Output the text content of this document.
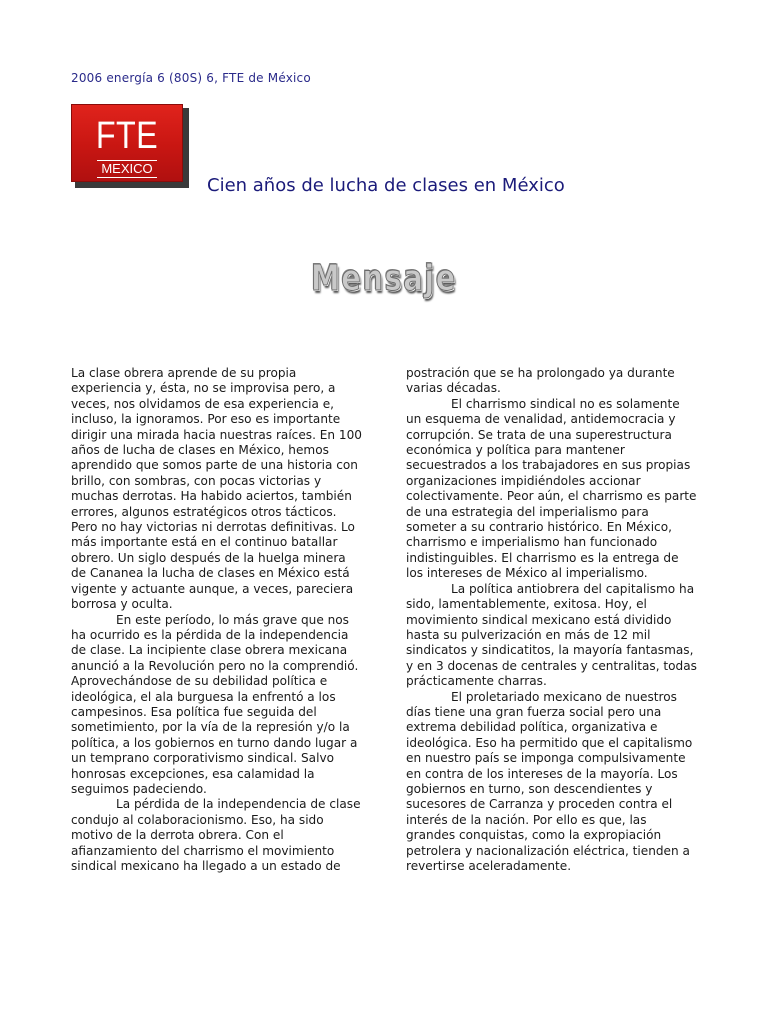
2006 energía 6 (80S) 6, FTE de México
FTE
MEXICO
Cien años de lucha de clases en México
Mensaje

La clase obrera aprende de su propia experiencia y, ésta, no se improvisa pero, a veces, nos olvidamos de esa experiencia e, incluso, la ignoramos. Por eso es importante dirigir una mirada hacia nuestras raíces. En 100 años de lucha de clases en México, hemos aprendido que somos parte de una historia con brillo, con sombras, con pocas victorias y muchas derrotas. Ha habido aciertos, también errores, algunos estratégicos otros tácticos. Pero no hay victorias ni derrotas definitivas. Lo más importante está en el continuo batallar obrero. Un siglo después de la huelga minera de Cananea la lucha de clases en México está vigente y actuante aunque, a veces, pareciera borrosa y oculta.

En este período, lo más grave que nos ha ocurrido es la pérdida de la independencia de clase. La incipiente clase obrera mexicana anunció a la Revolución pero no la comprendió. Aprovechándose de su debilidad política e ideológica, el ala burguesa la enfrentó a los campesinos. Esa política fue seguida del sometimiento, por la vía de la represión y/o la política, a los gobiernos en turno dando lugar a un temprano corporativismo sindical. Salvo honrosas excepciones, esa calamidad la seguimos padeciendo.

La pérdida de la independencia de clase condujo al colaboracionismo. Eso, ha sido motivo de la derrota obrera. Con el afianzamiento del charrismo el movimiento sindical mexicano ha llegado a un estado de

postración que se ha prolongado ya durante varias décadas.

El charrismo sindical no es solamente un esquema de venalidad, antidemocracia y corrupción. Se trata de una superestructura económica y política para mantener secuestrados a los trabajadores en sus propias organizaciones impidiéndoles accionar colectivamente. Peor aún, el charrismo es parte de una estrategia del imperialismo para someter a su contrario histórico. En México, charrismo e imperialismo han funcionado indistinguibles. El charrismo es la entrega de los intereses de México al imperialismo.

La política antiobrera del capitalismo ha sido, lamentablemente, exitosa. Hoy, el movimiento sindical mexicano está dividido hasta su pulverización en más de 12 mil sindicatos y sindicatitos, la mayoría fantasmas, y en 3 docenas de centrales y centralitas, todas prácticamente charras.

El proletariado mexicano de nuestros días tiene una gran fuerza social pero una extrema debilidad política, organizativa e ideológica. Eso ha permitido que el capitalismo en nuestro país se imponga compulsivamente en contra de los intereses de la mayoría. Los gobiernos en turno, son descendientes y sucesores de Carranza y proceden contra el interés de la nación. Por ello es que, las grandes conquistas, como la expropiación petrolera y nacionalización eléctrica, tienden a revertirse aceleradamente.
